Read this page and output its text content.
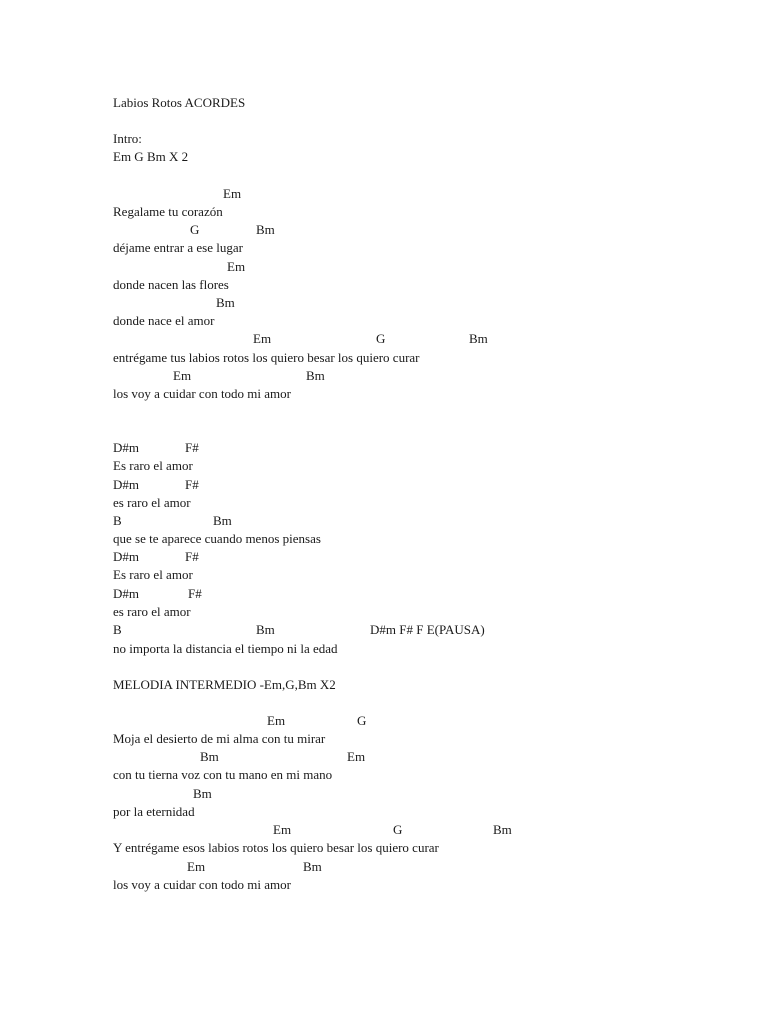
Labios Rotos ACORDES
Intro:
Em G Bm X 2
Em
Regalame tu corazón
G	Bm
déjame entrar a ese lugar
Em
donde nacen las flores
Bm
donde nace el amor
Em	G	Bm
entrégame tus labios rotos los quiero besar los quiero curar
Em	Bm
los voy a cuidar con todo mi amor
D#m	F#
Es raro el amor
D#m	F#
es raro el amor
B	Bm
que se te aparece cuando menos piensas
D#m	F#
Es raro el amor
D#m	F#
es raro el amor
B	Bm	D#m F# F E(PAUSA)
no importa la distancia el tiempo ni la edad
MELODIA INTERMEDIO -Em,G,Bm X2
Em	G
Moja el desierto de mi alma con tu mirar
Bm	Em
con tu tierna voz con tu mano en mi mano
Bm
por la eternidad
Em	G	Bm
Y entrégame esos labios rotos los quiero besar los quiero curar
Em	Bm
los voy a cuidar con todo mi amor
